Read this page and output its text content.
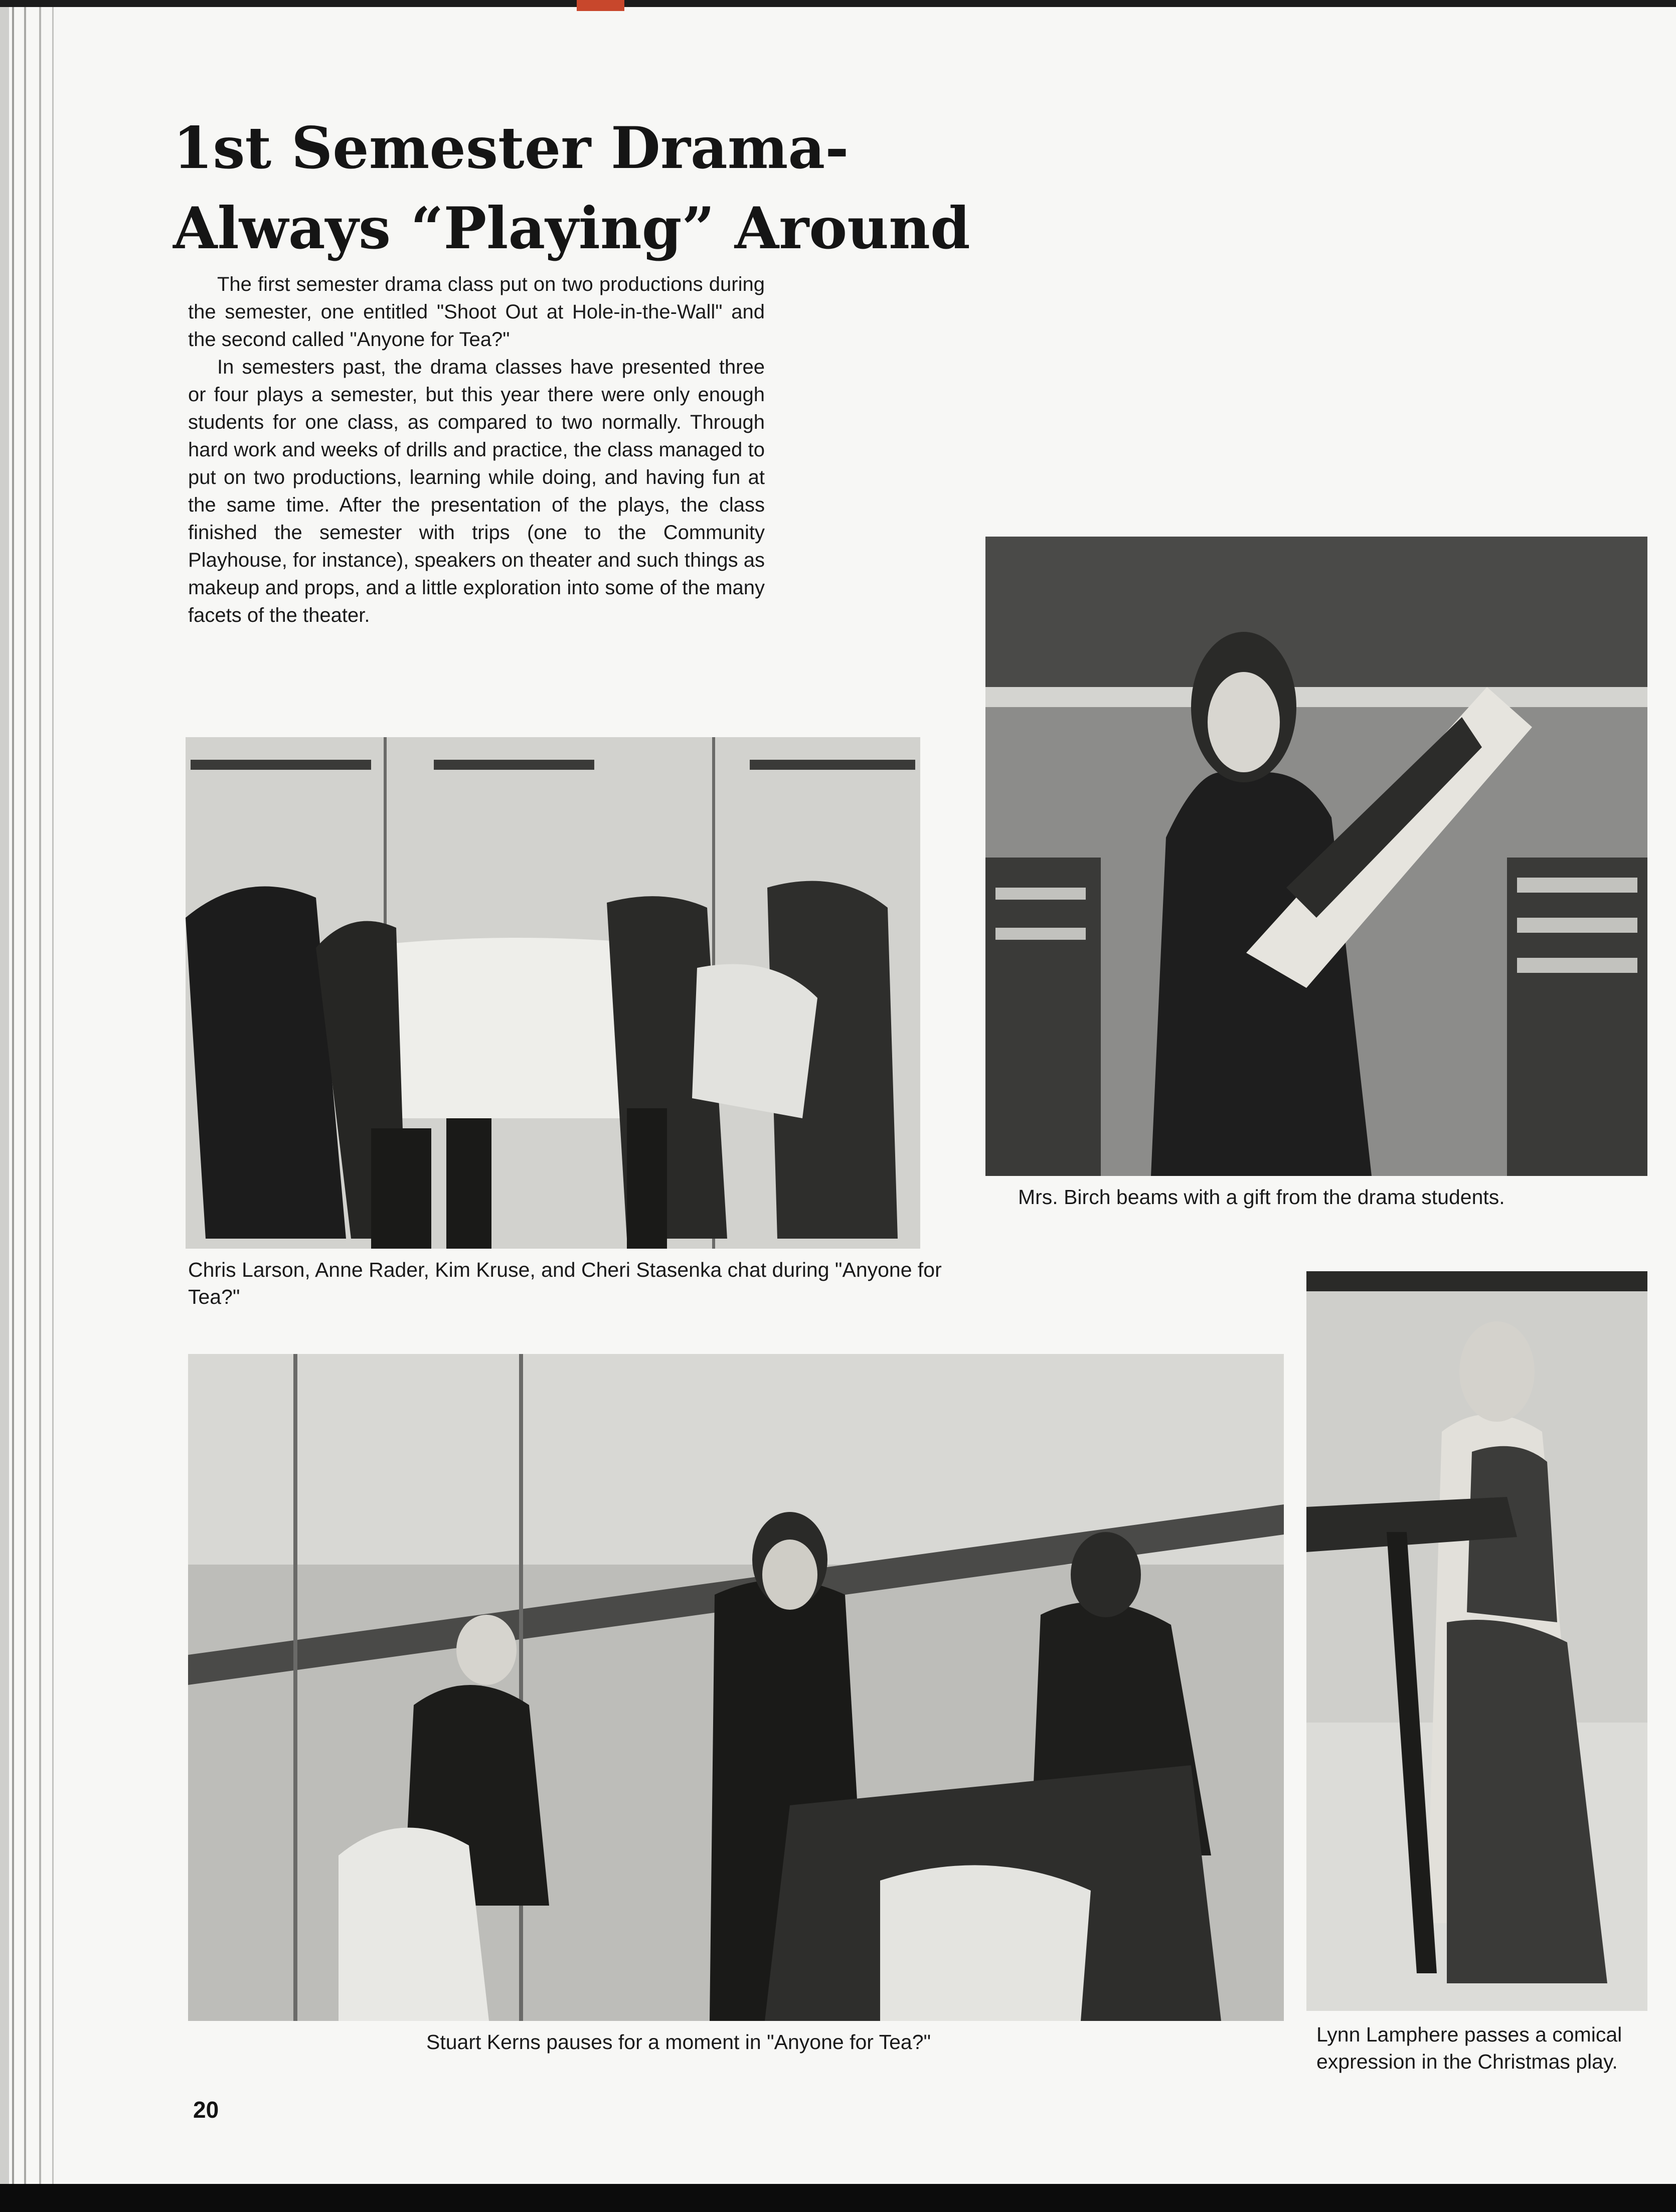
1st Semester Drama-
Always “Playing” Around

The first semester drama class put on two productions during the semester, one entitled "Shoot Out at Hole-in-the-Wall" and the second called "Anyone for Tea?"

In semesters past, the drama classes have presented three or four plays a semester, but this year there were only enough students for one class, as compared to two normally. Through hard work and weeks of drills and practice, the class managed to put on two productions, learning while doing, and having fun at the same time. After the presentation of the plays, the class finished the semester with trips (one to the Community Playhouse, for instance), speakers on theater and such things as makeup and props, and a little exploration into some of the many facets of the theater.

Mrs. Birch beams with a gift from the drama students.

Chris Larson, Anne Rader, Kim Kruse, and Cheri Stasenka chat during "Anyone for Tea?"

Stuart Kerns pauses for a moment in "Anyone for Tea?"	Lynn Lamphere passes a comical expression in the Christmas play.

20
